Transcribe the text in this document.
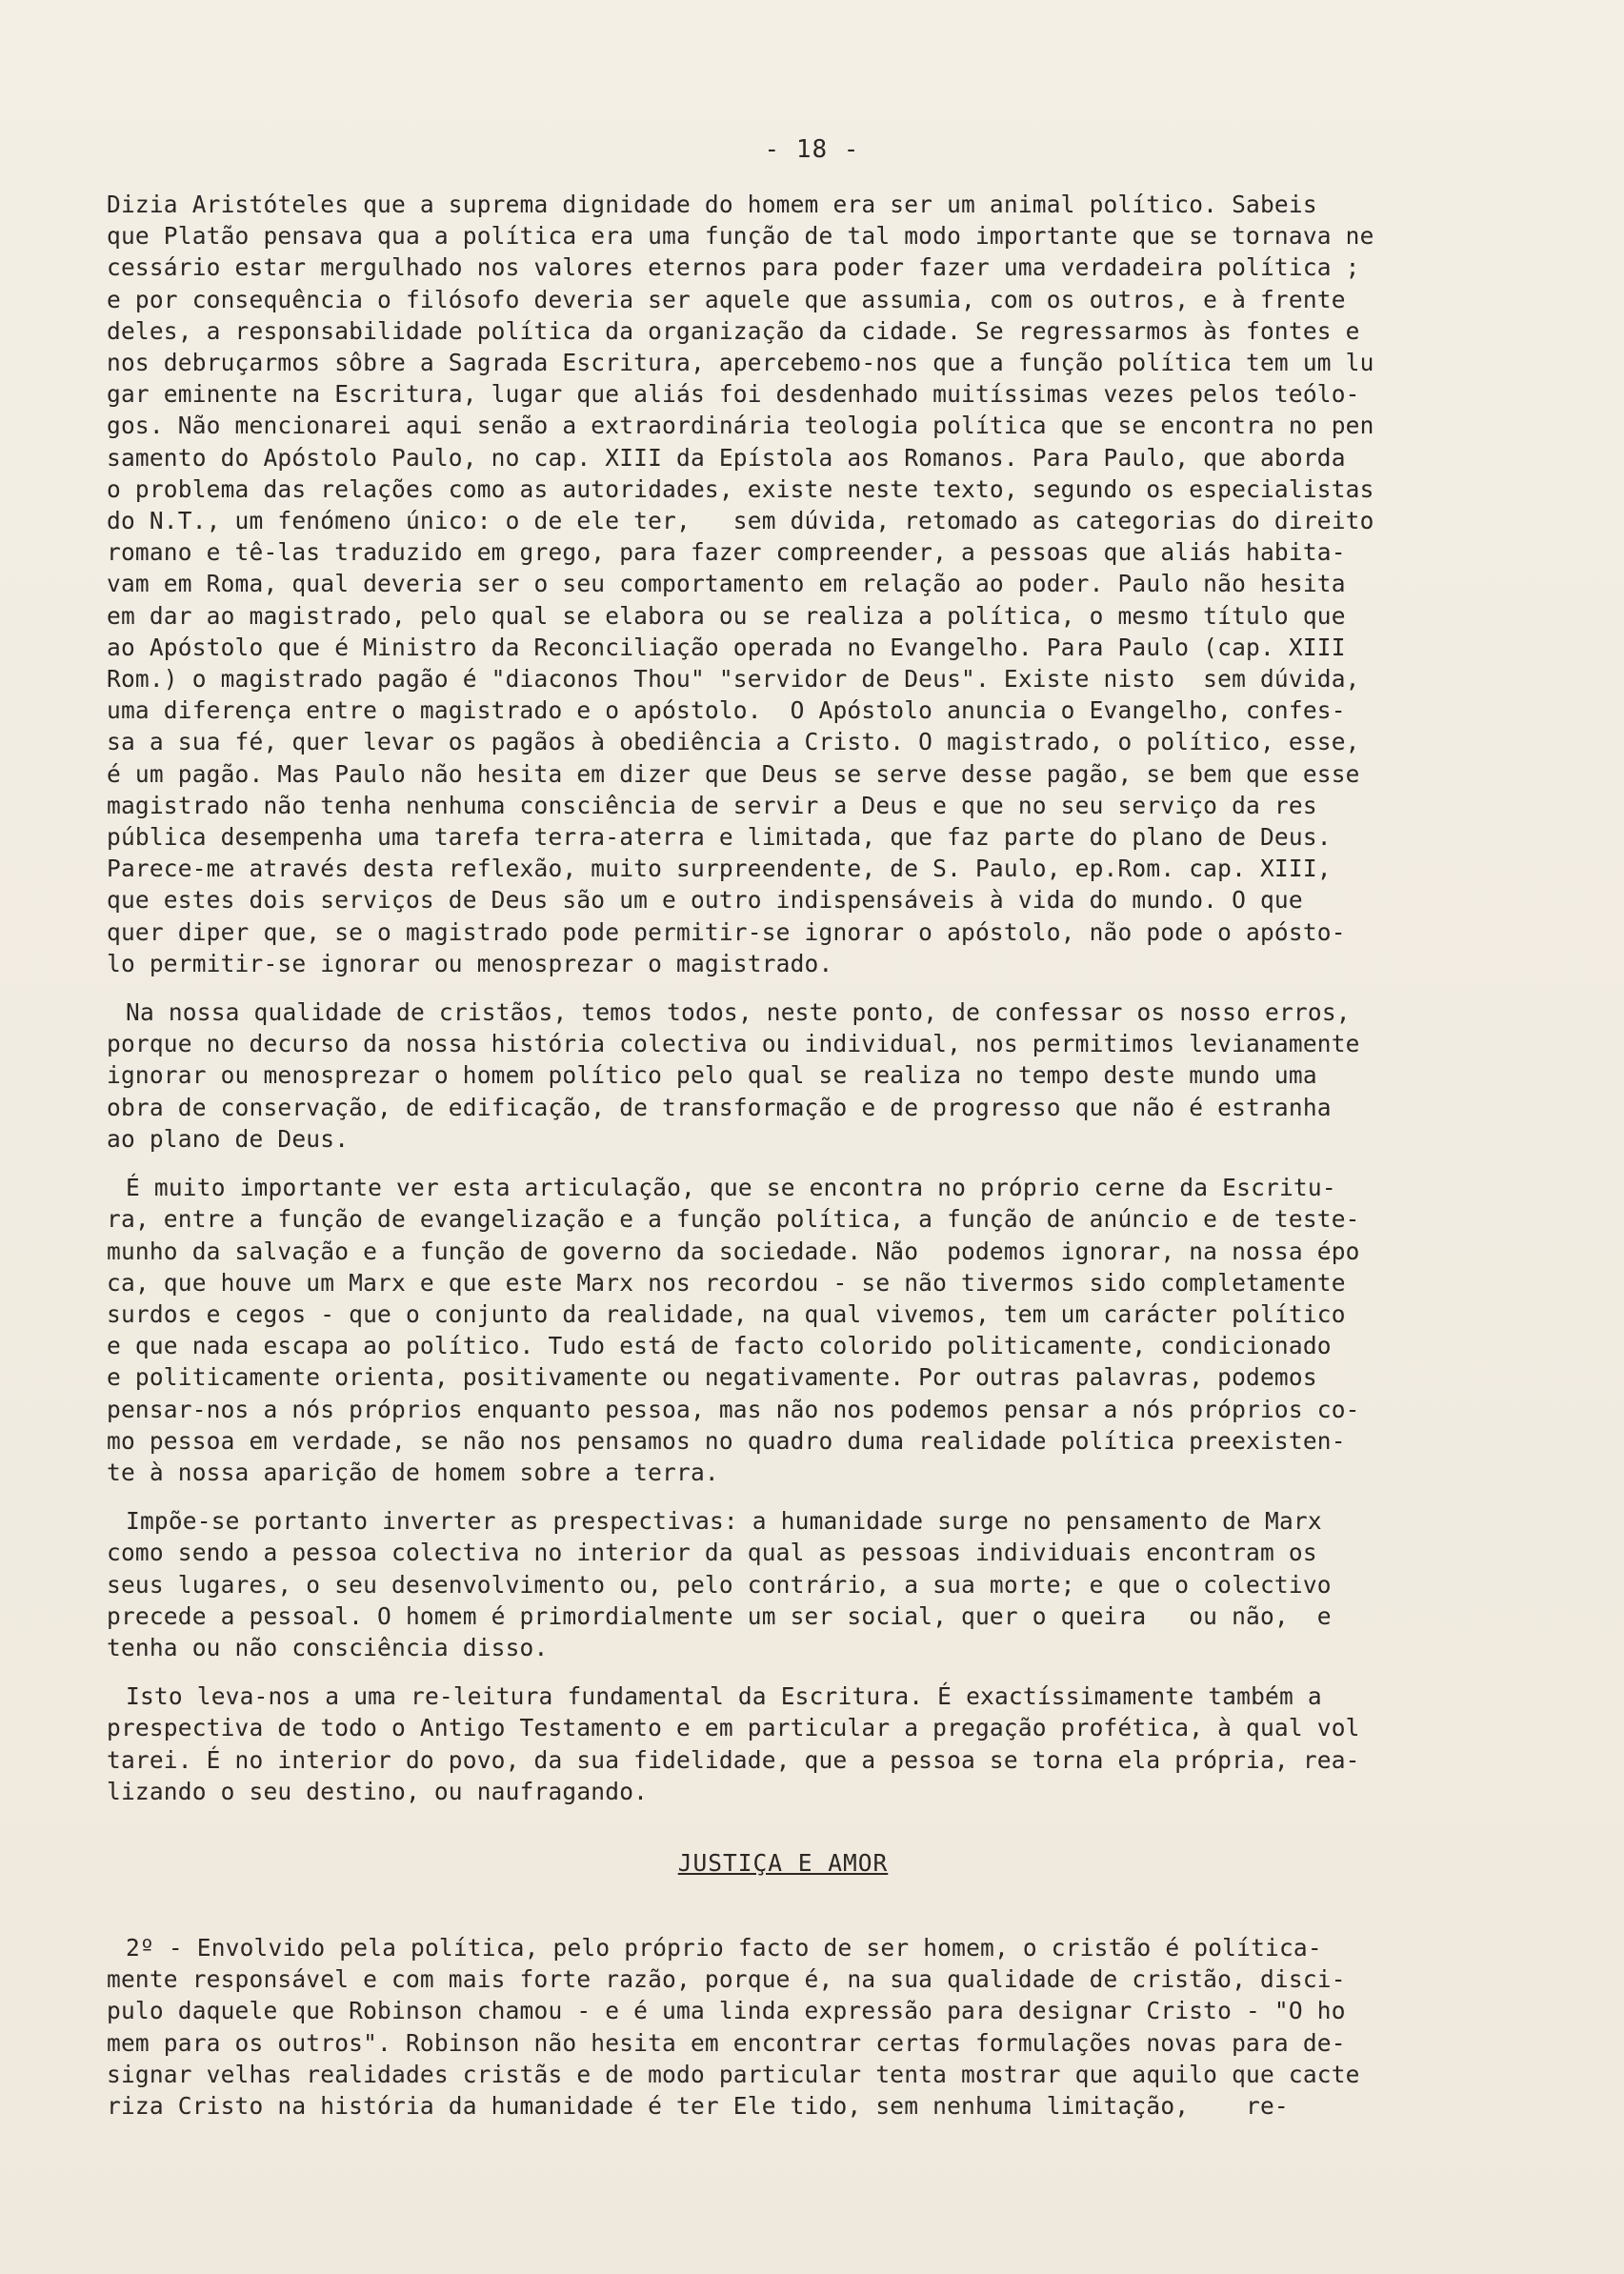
- 18 -
Dizia Aristóteles que a suprema dignidade do homem era ser um animal político. Sabeis
que Platão pensava qua a política era uma função de tal modo importante que se tornava ne
cessário estar mergulhado nos valores eternos para poder fazer uma verdadeira política ;
e por consequência o filósofo deveria ser aquele que assumia, com os outros, e à frente
deles, a responsabilidade política da organização da cidade. Se regressarmos às fontes e
nos debruçarmos sôbre a Sagrada Escritura, apercebemo-nos que a função política tem um lu
gar eminente na Escritura, lugar que aliás foi desdenhado muitíssimas vezes pelos teólo-
gos. Não mencionarei aqui senão a extraordinária teologia política que se encontra no pen
samento do Apóstolo Paulo, no cap. XIII da Epístola aos Romanos. Para Paulo, que aborda
o problema das relações como as autoridades, existe neste texto, segundo os especialistas
do N.T., um fenómeno único: o de ele ter,   sem dúvida, retomado as categorias do direito
romano e tê-las traduzido em grego, para fazer compreender, a pessoas que aliás habita-
vam em Roma, qual deveria ser o seu comportamento em relação ao poder. Paulo não hesita
em dar ao magistrado, pelo qual se elabora ou se realiza a política, o mesmo título que
ao Apóstolo que é Ministro da Reconciliação operada no Evangelho. Para Paulo (cap. XIII
Rom.) o magistrado pagão é "diaconos Thou" "servidor de Deus". Existe nisto  sem dúvida,
uma diferença entre o magistrado e o apóstolo.  O Apóstolo anuncia o Evangelho, confes-
sa a sua fé, quer levar os pagãos à obediência a Cristo. O magistrado, o político, esse,
é um pagão. Mas Paulo não hesita em dizer que Deus se serve desse pagão, se bem que esse
magistrado não tenha nenhuma consciência de servir a Deus e que no seu serviço da res
pública desempenha uma tarefa terra-aterra e limitada, que faz parte do plano de Deus.
Parece-me através desta reflexão, muito surpreendente, de S. Paulo, ep.Rom. cap. XIII,
que estes dois serviços de Deus são um e outro indispensáveis à vida do mundo. O que
quer diper que, se o magistrado pode permitir-se ignorar o apóstolo, não pode o apósto-
lo permitir-se ignorar ou menosprezar o magistrado.
Na nossa qualidade de cristãos, temos todos, neste ponto, de confessar os nosso erros,
porque no decurso da nossa história colectiva ou individual, nos permitimos levianamente
ignorar ou menosprezar o homem político pelo qual se realiza no tempo deste mundo uma
obra de conservação, de edificação, de transformação e de progresso que não é estranha
ao plano de Deus.
É muito importante ver esta articulação, que se encontra no próprio cerne da Escritu-
ra, entre a função de evangelização e a função política, a função de anúncio e de teste-
munho da salvação e a função de governo da sociedade. Não  podemos ignorar, na nossa épo
ca, que houve um Marx e que este Marx nos recordou - se não tivermos sido completamente
surdos e cegos - que o conjunto da realidade, na qual vivemos, tem um carácter político
e que nada escapa ao político. Tudo está de facto colorido politicamente, condicionado
e politicamente orienta, positivamente ou negativamente. Por outras palavras, podemos
pensar-nos a nós próprios enquanto pessoa, mas não nos podemos pensar a nós próprios co-
mo pessoa em verdade, se não nos pensamos no quadro duma realidade política preexisten-
te à nossa aparição de homem sobre a terra.
Impõe-se portanto inverter as prespectivas: a humanidade surge no pensamento de Marx
como sendo a pessoa colectiva no interior da qual as pessoas individuais encontram os
seus lugares, o seu desenvolvimento ou, pelo contrário, a sua morte; e que o colectivo
precede a pessoal. O homem é primordialmente um ser social, quer o queira   ou não,  e
tenha ou não consciência disso.
Isto leva-nos a uma re-leitura fundamental da Escritura. É exactíssimamente também a
prespectiva de todo o Antigo Testamento e em particular a pregação profética, à qual vol
tarei. É no interior do povo, da sua fidelidade, que a pessoa se torna ela própria, rea-
lizando o seu destino, ou naufragando.
JUSTIÇA E AMOR
2º - Envolvido pela política, pelo próprio facto de ser homem, o cristão é política-
mente responsável e com mais forte razão, porque é, na sua qualidade de cristão, disci-
pulo daquele que Robinson chamou - e é uma linda expressão para designar Cristo - "O ho
mem para os outros". Robinson não hesita em encontrar certas formulações novas para de-
signar velhas realidades cristãs e de modo particular tenta mostrar que aquilo que cacte
riza Cristo na história da humanidade é ter Ele tido, sem nenhuma limitação,    re-
